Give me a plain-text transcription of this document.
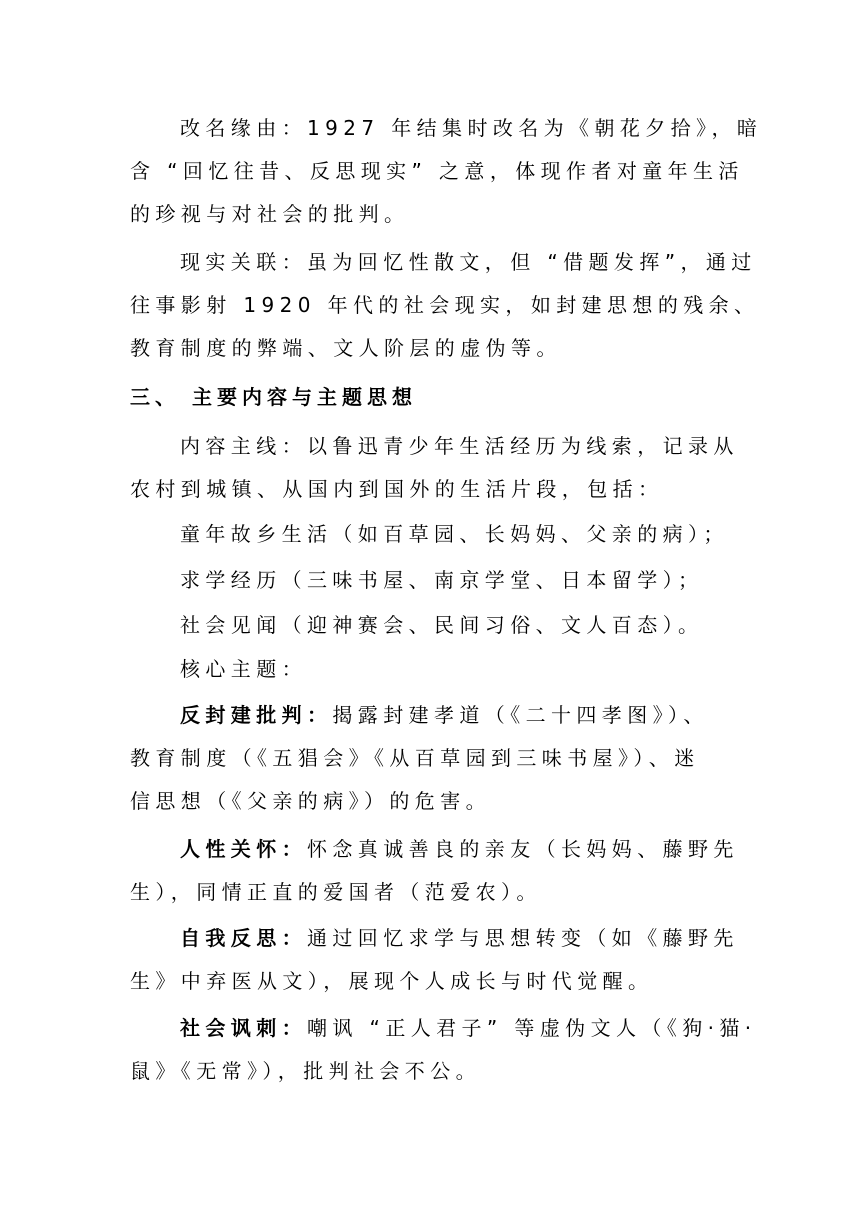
改名缘由：1927 年结集时改名为《朝花夕拾》，暗
含 “回忆往昔、反思现实” 之意，体现作者对童年生活
的珍视与对社会的批判。
现实关联：虽为回忆性散文，但 “借题发挥”，通过
往事影射 1920 年代的社会现实，如封建思想的残余、
教育制度的弊端、文人阶层的虚伪等。
三、 主要内容与主题思想
内容主线：以鲁迅青少年生活经历为线索，记录从
农村到城镇、从国内到国外的生活片段，包括：
童年故乡生活（如百草园、长妈妈、父亲的病）；
求学经历（三味书屋、南京学堂、日本留学）；
社会见闻（迎神赛会、民间习俗、文人百态）。
核心主题：
反封建批判：揭露封建孝道（《二十四孝图》）、
教育制度（《五猖会》《从百草园到三味书屋》）、迷
信思想（《父亲的病》）的危害。
人性关怀：怀念真诚善良的亲友（长妈妈、藤野先
生），同情正直的爱国者（范爱农）。
自我反思：通过回忆求学与思想转变（如《藤野先
生》中弃医从文），展现个人成长与时代觉醒。
社会讽刺：嘲讽 “正人君子” 等虚伪文人（《狗·猫·
鼠》《无常》），批判社会不公。
